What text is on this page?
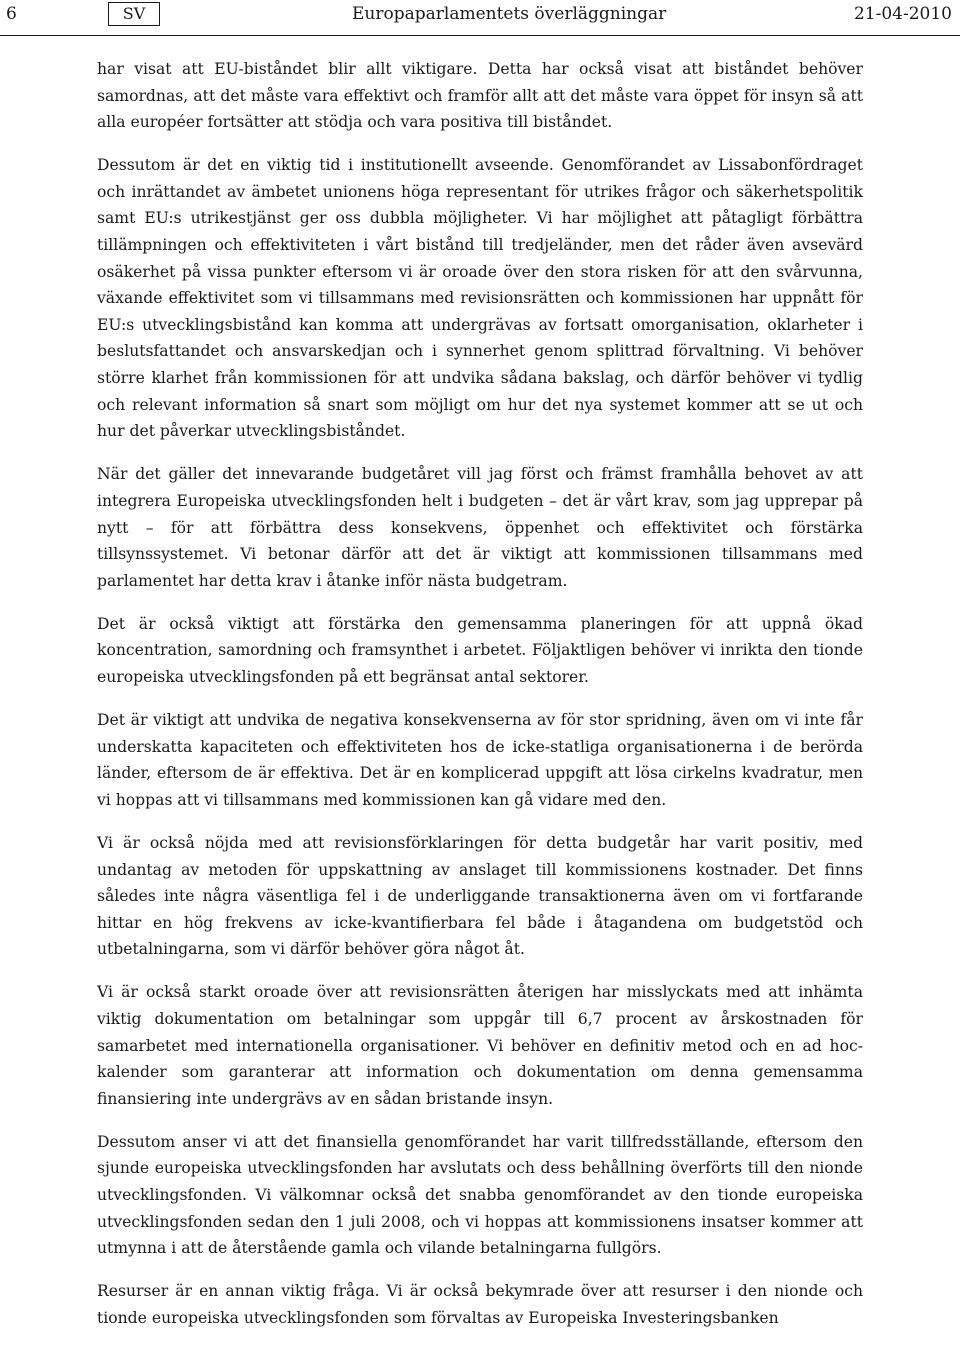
6	SV	Europaparlamentets överläggningar	21-04-2010

har visat att EU-biståndet blir allt viktigare. Detta har också visat att biståndet behöver samordnas, att det måste vara effektivt och framför allt att det måste vara öppet för insyn så att alla européer fortsätter att stödja och vara positiva till biståndet.

Dessutom är det en viktig tid i institutionellt avseende. Genomförandet av Lissabonfördraget och inrättandet av ämbetet unionens höga representant för utrikes frågor och säkerhetspolitik samt EU:s utrikestjänst ger oss dubbla möjligheter. Vi har möjlighet att påtagligt förbättra tillämpningen och effektiviteten i vårt bistånd till tredjeländer, men det råder även avsevärd osäkerhet på vissa punkter eftersom vi är oroade över den stora risken för att den svårvunna, växande effektivitet som vi tillsammans med revisionsrätten och kommissionen har uppnått för EU:s utvecklingsbistånd kan komma att undergrävas av fortsatt omorganisation, oklarheter i beslutsfattandet och ansvarskedjan och i synnerhet genom splittrad förvaltning. Vi behöver större klarhet från kommissionen för att undvika sådana bakslag, och därför behöver vi tydlig och relevant information så snart som möjligt om hur det nya systemet kommer att se ut och hur det påverkar utvecklingsbiståndet.

När det gäller det innevarande budgetåret vill jag först och främst framhålla behovet av att integrera Europeiska utvecklingsfonden helt i budgeten – det är vårt krav, som jag upprepar på nytt – för att förbättra dess konsekvens, öppenhet och effektivitet och förstärka tillsynssystemet. Vi betonar därför att det är viktigt att kommissionen tillsammans med parlamentet har detta krav i åtanke inför nästa budgetram.

Det är också viktigt att förstärka den gemensamma planeringen för att uppnå ökad koncentration, samordning och framsynthet i arbetet. Följaktligen behöver vi inrikta den tionde europeiska utvecklingsfonden på ett begränsat antal sektorer.

Det är viktigt att undvika de negativa konsekvenserna av för stor spridning, även om vi inte får underskatta kapaciteten och effektiviteten hos de icke-statliga organisationerna i de berörda länder, eftersom de är effektiva. Det är en komplicerad uppgift att lösa cirkelns kvadratur, men vi hoppas att vi tillsammans med kommissionen kan gå vidare med den.

Vi är också nöjda med att revisionsförklaringen för detta budgetår har varit positiv, med undantag av metoden för uppskattning av anslaget till kommissionens kostnader. Det finns således inte några väsentliga fel i de underliggande transaktionerna även om vi fortfarande hittar en hög frekvens av icke-kvantifierbara fel både i åtagandena om budgetstöd och utbetalningarna, som vi därför behöver göra något åt.

Vi är också starkt oroade över att revisionsrätten återigen har misslyckats med att inhämta viktig dokumentation om betalningar som uppgår till 6,7 procent av årskostnaden för samarbetet med internationella organisationer. Vi behöver en definitiv metod och en ad hoc-kalender som garanterar att information och dokumentation om denna gemensamma finansiering inte undergrävs av en sådan bristande insyn.

Dessutom anser vi att det finansiella genomförandet har varit tillfredsställande, eftersom den sjunde europeiska utvecklingsfonden har avslutats och dess behållning överförts till den nionde utvecklingsfonden. Vi välkomnar också det snabba genomförandet av den tionde europeiska utvecklingsfonden sedan den 1 juli 2008, och vi hoppas att kommissionens insatser kommer att utmynna i att de återstående gamla och vilande betalningarna fullgörs.

Resurser är en annan viktig fråga. Vi är också bekymrade över att resurser i den nionde och tionde europeiska utvecklingsfonden som förvaltas av Europeiska Investeringsbanken
